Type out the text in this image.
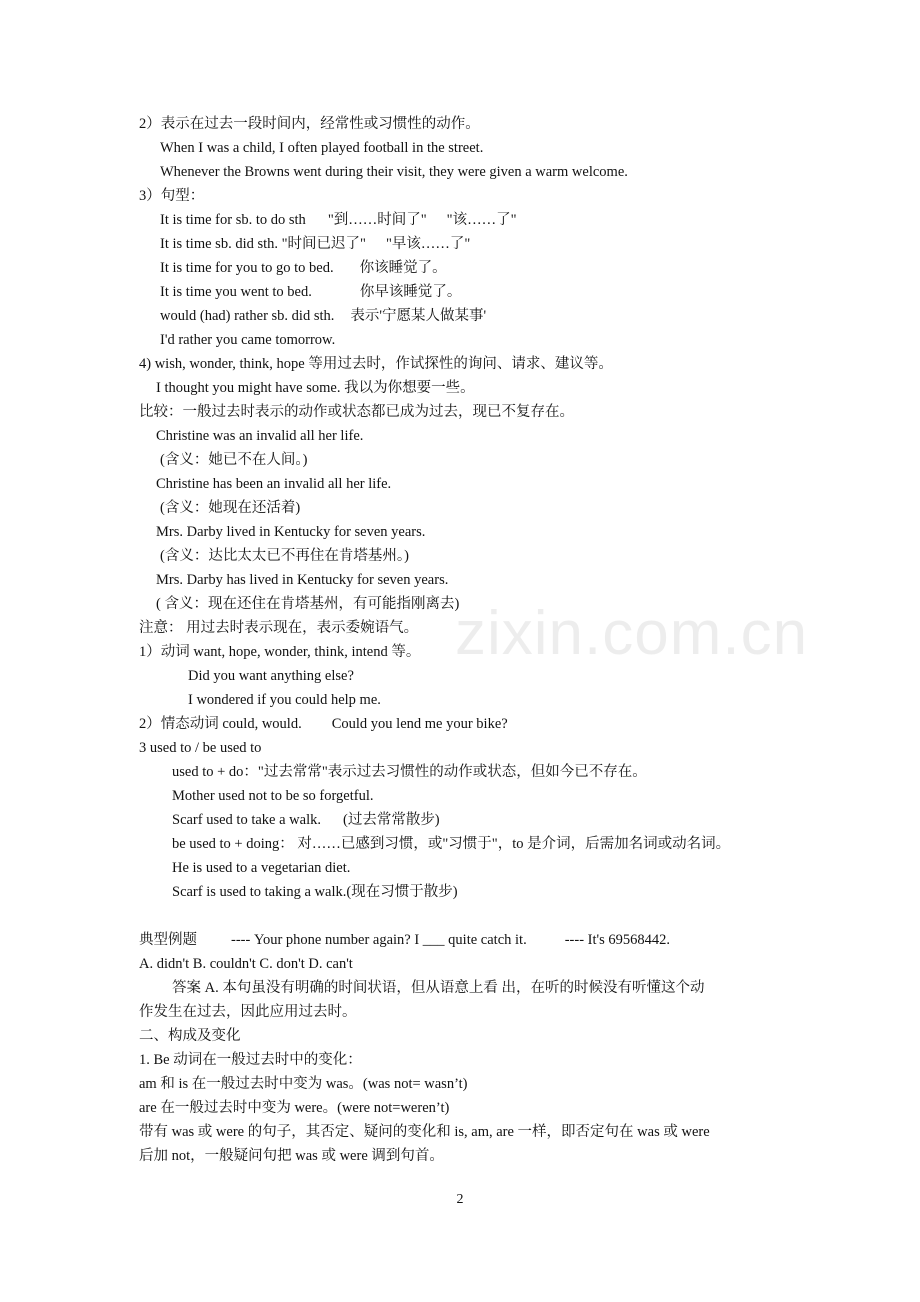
zixin.com.cn
2）表示在过去一段时间内，经常性或习惯性的动作。
When I was a child, I often played football in the street.
Whenever the Browns went during their visit, they were given a warm welcome.
3）句型：
It is time for sb. to do sth "到……时间了" "该……了"
It is time sb. did sth. "时间已迟了" "早该……了"
It is time for you to go to bed. 你该睡觉了。
It is time you went to bed.	你早该睡觉了。
would (had) rather sb. did sth. 表示'宁愿某人做某事'
I'd rather you came tomorrow.
4) wish, wonder, think, hope 等用过去时，作试探性的询问、请求、建议等。
I thought you might have some. 我以为你想要一些。
比较：一般过去时表示的动作或状态都已成为过去，现已不复存在。
Christine was an invalid all her life.
(含义：她已不在人间。)
Christine has been an invalid all her life.
(含义：她现在还活着)
Mrs. Darby lived in Kentucky for seven years.
(含义：达比太太已不再住在肯塔基州。)
Mrs. Darby has lived in Kentucky for seven years.
( 含义：现在还住在肯塔基州，有可能指刚离去)
注意： 用过去时表示现在，表示委婉语气。
1）动词 want, hope, wonder, think, intend 等。
Did you want anything else?
I wondered if you could help me.
2）情态动词 could, would. Could you lend me your bike?
3 used to / be used to
used to + do："过去常常"表示过去习惯性的动作或状态，但如今已不存在。
Mother used not to be so forgetful.
Scarf used to take a walk. (过去常常散步)
be used to + doing： 对……已感到习惯，或"习惯于"，to 是介词，后需加名词或动名词。
He is used to a vegetarian diet.
Scarf is used to taking a walk.(现在习惯于散步)
典型例题 ---- Your phone number again? I ___ quite catch it.	---- It's 69568442.
A. didn't B. couldn't C. don't D. can't
答案 A. 本句虽没有明确的时间状语，但从语意上看 出，在听的时候没有听懂这个动
作发生在过去，因此应用过去时。
二、构成及变化
1. Be 动词在一般过去时中的变化：
am 和 is 在一般过去时中变为 was。(was not= wasn’t)
are 在一般过去时中变为 were。(were not=weren’t)
带有 was 或 were 的句子，其否定、疑问的变化和 is, am, are 一样，即否定句在 was 或 were
后加 not，一般疑问句把 was 或 were 调到句首。
2
